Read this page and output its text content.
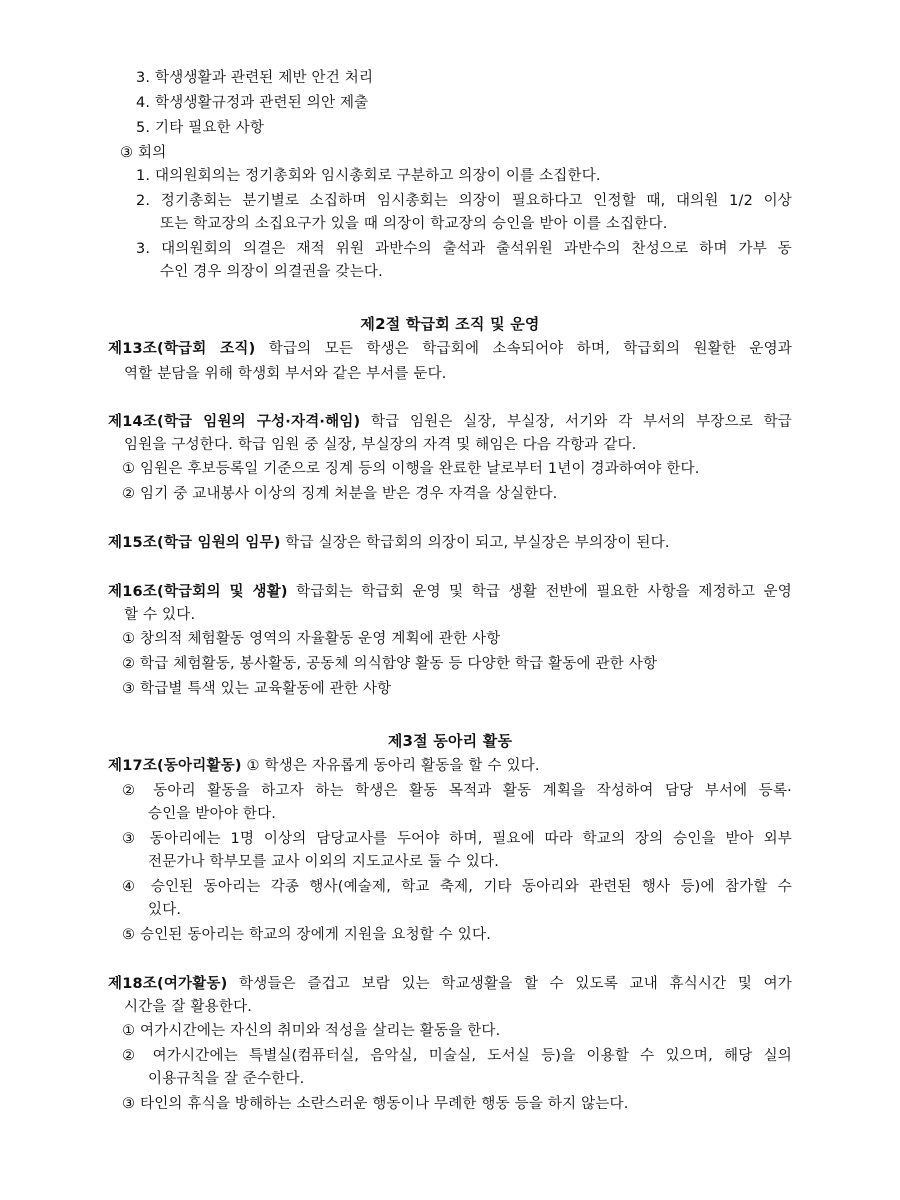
3. 학생생활과 관련된 제반 안건 처리
4. 학생생활규정과 관련된 의안 제출
5. 기타 필요한 사항
③ 회의
1. 대의원회의는 정기총회와 임시총회로 구분하고 의장이 이를 소집한다.
2. 정기총회는 분기별로 소집하며 임시총회는 의장이 필요하다고 인정할 때, 대의원 1/2 이상
또는 학교장의 소집요구가 있을 때 의장이 학교장의 승인을 받아 이를 소집한다.
3. 대의원회의 의결은 재적 위원 과반수의 출석과 출석위원 과반수의 찬성으로 하며 가부 동
수인 경우 의장이 의결권을 갖는다.
제2절 학급회 조직 및 운영
제13조(학급회 조직) 학급의 모든 학생은 학급회에 소속되어야 하며, 학급회의 원활한 운영과
역할 분담을 위해 학생회 부서와 같은 부서를 둔다.
제14조(학급 임원의 구성·자격·해임) 학급 임원은 실장, 부실장, 서기와 각 부서의 부장으로 학급
임원을 구성한다. 학급 임원 중 실장, 부실장의 자격 및 해임은 다음 각항과 같다.
① 임원은 후보등록일 기준으로 징계 등의 이행을 완료한 날로부터 1년이 경과하여야 한다.
② 임기 중 교내봉사 이상의 징계 처분을 받은 경우 자격을 상실한다.
제15조(학급 임원의 임무) 학급 실장은 학급회의 의장이 되고, 부실장은 부의장이 된다.
제16조(학급회의 및 생활) 학급회는 학급회 운영 및 학급 생활 전반에 필요한 사항을 제정하고 운영
할 수 있다.
① 창의적 체험활동 영역의 자율활동 운영 계획에 관한 사항
② 학급 체험활동, 봉사활동, 공동체 의식함양 활동 등 다양한 학급 활동에 관한 사항
③ 학급별 특색 있는 교육활동에 관한 사항
제3절 동아리 활동
제17조(동아리활동) ① 학생은 자유롭게 동아리 활동을 할 수 있다.
② 동아리 활동을 하고자 하는 학생은 활동 목적과 활동 계획을 작성하여 담당 부서에 등록·
승인을 받아야 한다.
③ 동아리에는 1명 이상의 담당교사를 두어야 하며, 필요에 따라 학교의 장의 승인을 받아 외부
전문가나 학부모를 교사 이외의 지도교사로 둘 수 있다.
④ 승인된 동아리는 각종 행사(예술제, 학교 축제, 기타 동아리와 관련된 행사 등)에 참가할 수
있다.
⑤ 승인된 동아리는 학교의 장에게 지원을 요청할 수 있다.
제18조(여가활동) 학생들은 즐겁고 보람 있는 학교생활을 할 수 있도록 교내 휴식시간 및 여가
시간을 잘 활용한다.
① 여가시간에는 자신의 취미와 적성을 살리는 활동을 한다.
② 여가시간에는 특별실(컴퓨터실, 음악실, 미술실, 도서실 등)을 이용할 수 있으며, 해당 실의
이용규칙을 잘 준수한다.
③ 타인의 휴식을 방해하는 소란스러운 행동이나 무례한 행동 등을 하지 않는다.
